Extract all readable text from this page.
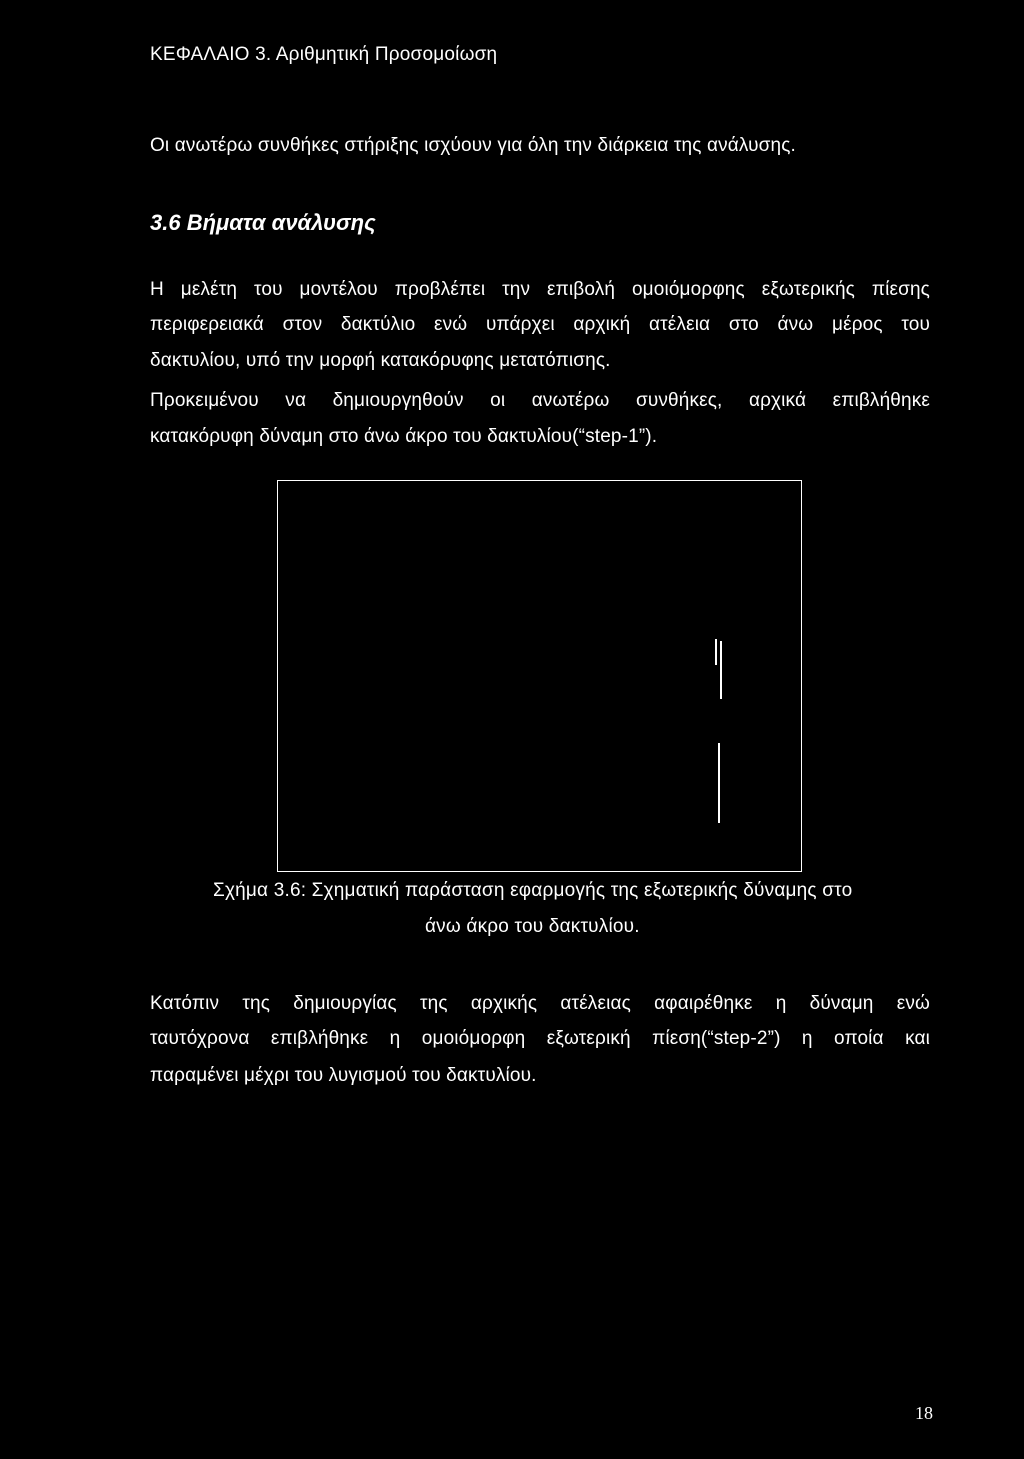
ΚΕΦΑΛΑΙΟ 3. Αριθμητική Προσομοίωση
Οι ανωτέρω συνθήκες στήριξης ισχύουν για όλη την διάρκεια της ανάλυσης.
3.6 Βήματα ανάλυσης
Η μελέτη του μοντέλου προβλέπει την επιβολή ομοιόμορφης εξωτερικής πίεσης
περιφερειακά στον δακτύλιο ενώ υπάρχει αρχική ατέλεια στο άνω μέρος του
δακτυλίου, υπό την μορφή κατακόρυφης μετατόπισης.
Προκειμένου να δημιουργηθούν οι ανωτέρω συνθήκες, αρχικά επιβλήθηκε
κατακόρυφη δύναμη στο άνω άκρο του δακτυλίου(“step-1”).
Σχήμα 3.6: Σχηματική παράσταση εφαρμογής της εξωτερικής δύναμης στο
άνω άκρο του δακτυλίου.
Κατόπιν της δημιουργίας της αρχικής ατέλειας αφαιρέθηκε η δύναμη ενώ
ταυτόχρονα επιβλήθηκε η ομοιόμορφη εξωτερική πίεση(“step-2”) η οποία και
παραμένει μέχρι του λυγισμού του δακτυλίου.
18
